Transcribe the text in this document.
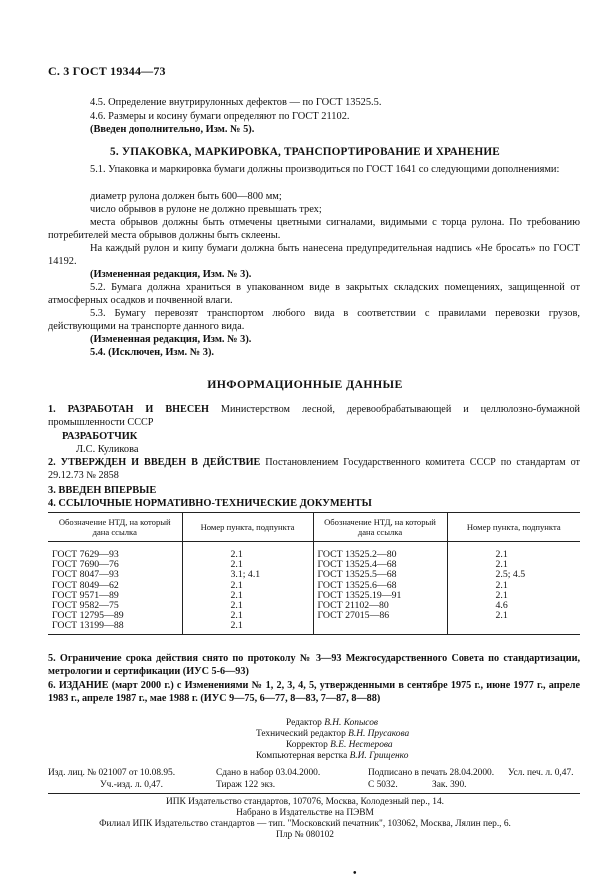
С. 3 ГОСТ 19344—73
4.5. Определение внутрирулонных дефектов — по ГОСТ 13525.5.
4.6. Размеры и косину бумаги определяют по ГОСТ 21102.
(Введен дополнительно, Изм. № 5).
5. УПАКОВКА, МАРКИРОВКА, ТРАНСПОРТИРОВАНИЕ И ХРАНЕНИЕ
5.1. Упаковка и маркировка бумаги должны производиться по ГОСТ 1641 со следующими дополнениями:
диаметр рулона должен быть 600—800 мм;
число обрывов в рулоне не должно превышать трех;
места обрывов должны быть отмечены цветными сигналами, видимыми с торца рулона. По требованию потребителей места обрывов должны быть склеены.
На каждый рулон и кипу бумаги должна быть нанесена предупредительная надпись «Не бросать» по ГОСТ 14192.
(Измененная редакция, Изм. № 3).
5.2. Бумага должна храниться в упакованном виде в закрытых складских помещениях, защищенной от атмосферных осадков и почвенной влаги.
5.3. Бумагу перевозят транспортом любого вида в соответствии с правилами перевозки грузов, действующими на транспорте данного вида.
(Измененная редакция, Изм. № 3).
5.4. (Исключен, Изм. № 3).
ИНФОРМАЦИОННЫЕ ДАННЫЕ
1. РАЗРАБОТАН И ВНЕСЕН Министерством лесной, деревообрабатывающей и целлюлозно-бумажной промышленности СССР
РАЗРАБОТЧИК
Л.С. Куликова
2. УТВЕРЖДЕН И ВВЕДЕН В ДЕЙСТВИЕ Постановлением Государственного комитета СССР по стандартам от 29.12.73 № 2858
3. ВВЕДЕН ВПЕРВЫЕ
4. ССЫЛОЧНЫЕ НОРМАТИВНО-ТЕХНИЧЕСКИЕ ДОКУМЕНТЫ
Обозначение НТД, на который дана ссылка	Номер пункта, подпункта	Обозначение НТД, на который дана ссылка	Номер пункта, подпункта
ГОСТ 7629—93	2.1	ГОСТ 13525.2—80	2.1
ГОСТ 7690—76	2.1	ГОСТ 13525.4—68	2.1
ГОСТ 8047—93	3.1; 4.1	ГОСТ 13525.5—68	2.5; 4.5
ГОСТ 8049—62	2.1	ГОСТ 13525.6—68	2.1
ГОСТ 9571—89	2.1	ГОСТ 13525.19—91	2.1
ГОСТ 9582—75	2.1	ГОСТ 21102—80	4.6
ГОСТ 12795—89	2.1	ГОСТ 27015—86	2.1
ГОСТ 13199—88	2.1		
5. Ограничение срока действия снято по протоколу № 3—93 Межгосударственного Совета по стандартизации, метрологии и сертификации (ИУС 5-6—93)
6. ИЗДАНИЕ (март 2000 г.) с Изменениями № 1, 2, 3, 4, 5, утвержденными в сентябре 1975 г., июне 1977 г., апреле 1983 г., апреле 1987 г., мае 1988 г. (ИУС 9—75, 6—77, 8—83, 7—87, 8—88)
Редактор В.Н. Копысов
Технический редактор В.Н. Прусакова
Корректор В.Е. Нестерова
Компьютерная верстка В.И. Грищенко
Изд. лиц. № 021007 от 10.08.95.	Сдано в набор 03.04.2000.	Подписано в печать 28.04.2000. Усл. печ. л. 0,47.
Уч.-изд. л. 0,47.	Тираж 122 экз.	С 5032.	Зак. 390.
ИПК Издательство стандартов, 107076, Москва, Колодезный пер., 14.
Набрано в Издательстве на ПЭВМ
Филиал ИПК Издательство стандартов — тип. "Московский печатник", 103062, Москва, Лялин пер., 6.
Плр № 080102
•
